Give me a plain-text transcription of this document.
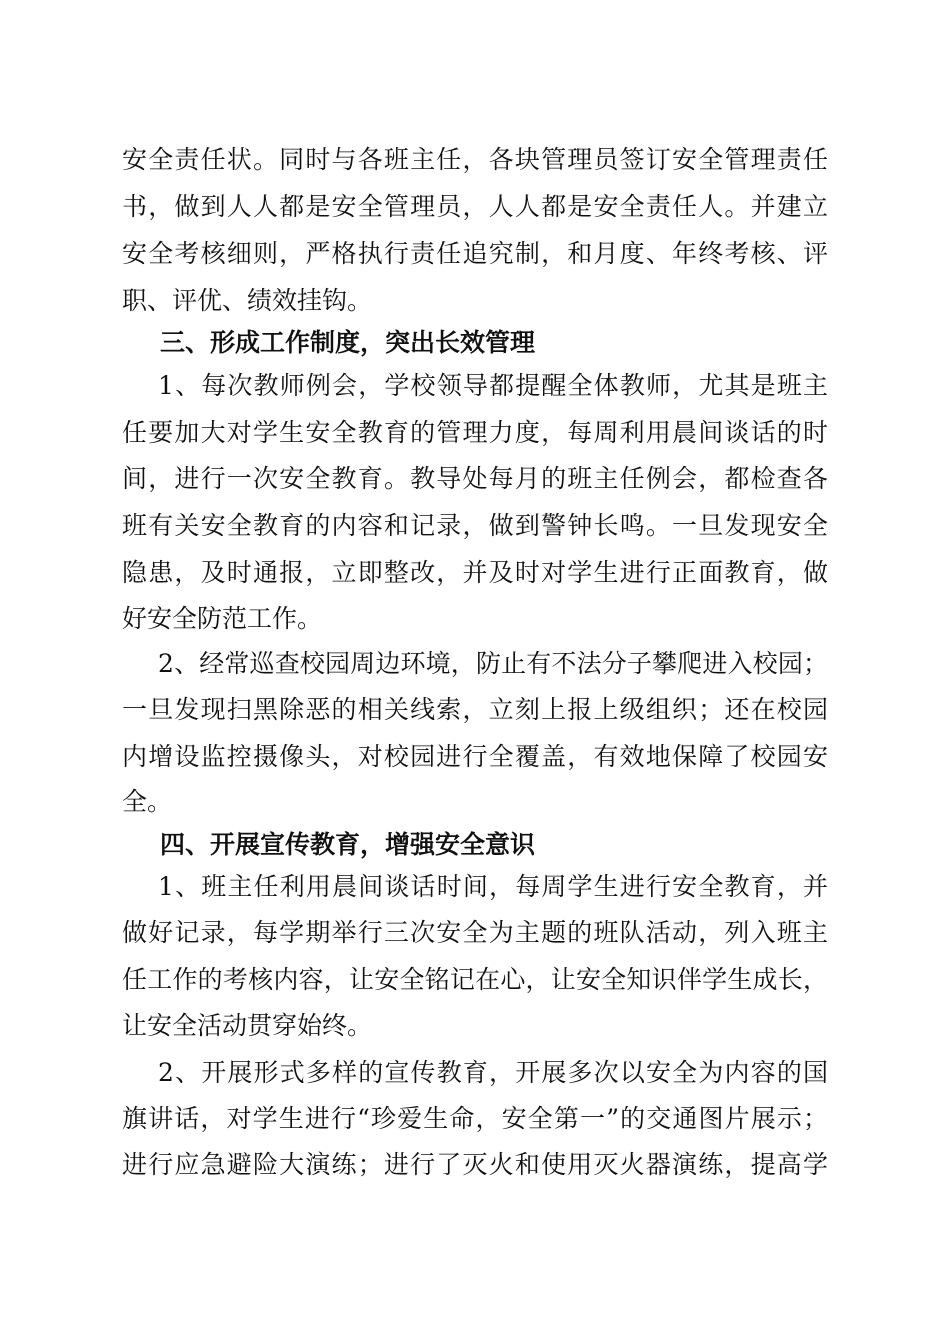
安全责任状。同时与各班主任，各块管理员签订安全管理责任
书，做到人人都是安全管理员，人人都是安全责任人。并建立
安全考核细则，严格执行责任追究制，和月度、年终考核、评
职、评优、绩效挂钩。
三、形成工作制度，突出长效管理
1、每次教师例会，学校领导都提醒全体教师，尤其是班主
任要加大对学生安全教育的管理力度，每周利用晨间谈话的时
间，进行一次安全教育。教导处每月的班主任例会，都检查各
班有关安全教育的内容和记录，做到警钟长鸣。一旦发现安全
隐患，及时通报，立即整改，并及时对学生进行正面教育，做
好安全防范工作。
2、经常巡查校园周边环境，防止有不法分子攀爬进入校园；
一旦发现扫黑除恶的相关线索，立刻上报上级组织；还在校园
内增设监控摄像头，对校园进行全覆盖，有效地保障了校园安
全。
四、开展宣传教育，增强安全意识
1、班主任利用晨间谈话时间，每周学生进行安全教育，并
做好记录，每学期举行三次安全为主题的班队活动，列入班主
任工作的考核内容，让安全铭记在心，让安全知识伴学生成长，
让安全活动贯穿始终。
2、开展形式多样的宣传教育，开展多次以安全为内容的国
旗讲话，对学生进行“珍爱生命，安全第一”的交通图片展示；
进行应急避险大演练；进行了灭火和使用灭火器演练，提高学
